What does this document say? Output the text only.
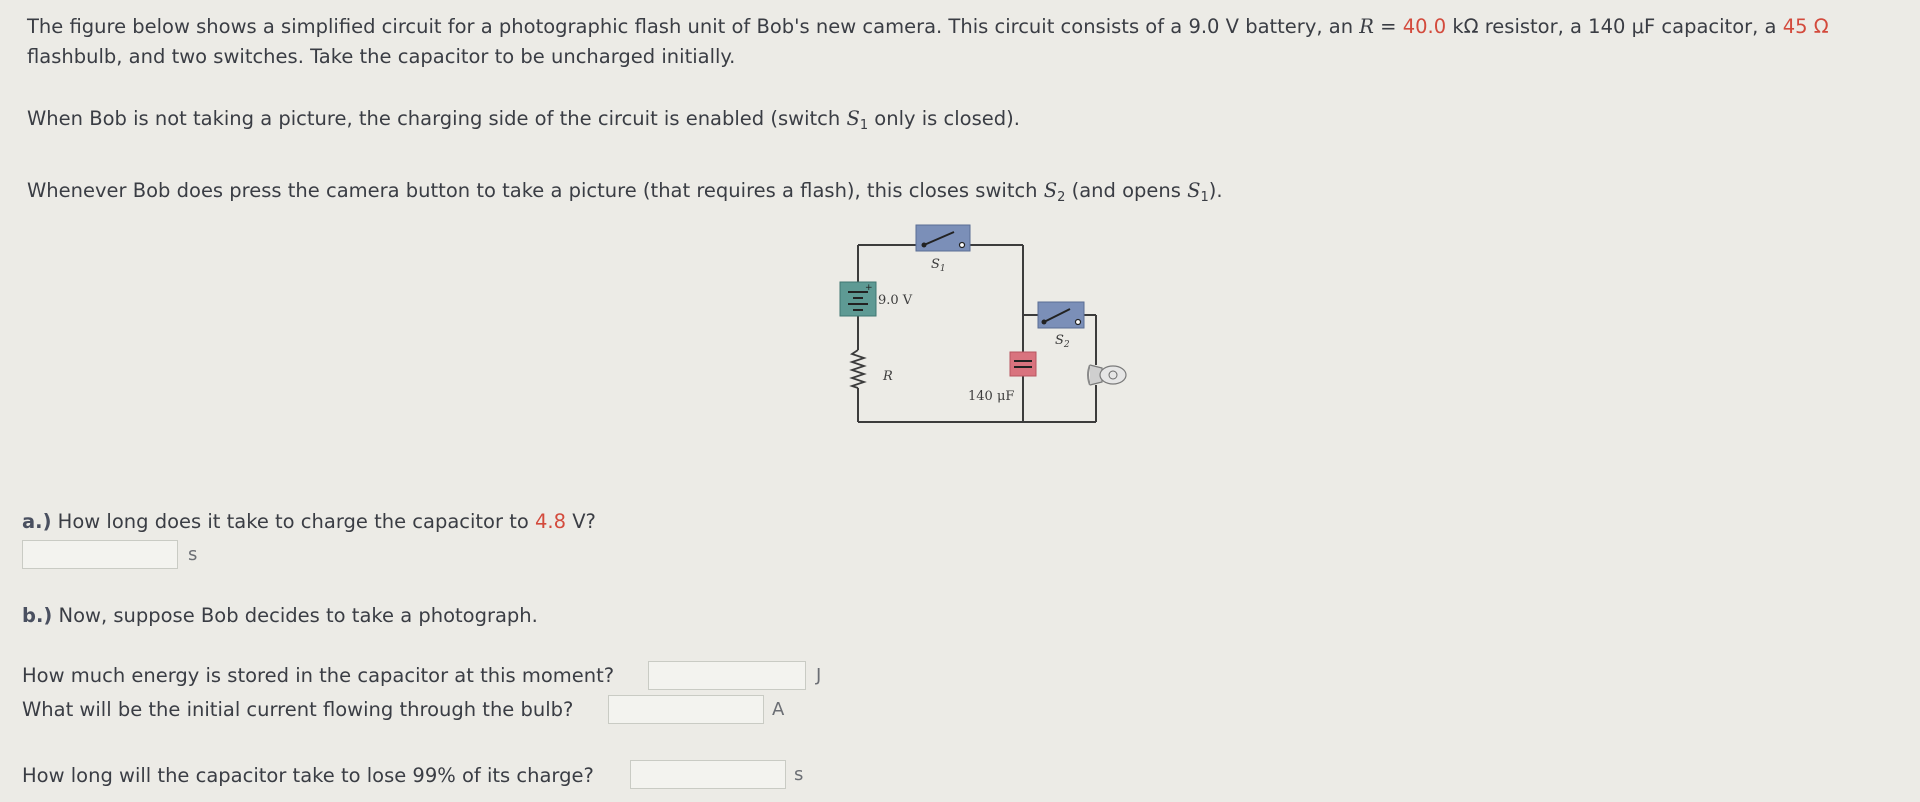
The figure below shows a simplified circuit for a photographic flash unit of Bob's new camera. This circuit consists of a 9.0 V battery, an R = 40.0 kΩ resistor, a 140 μF capacitor, a 45 Ω
flashbulb, and two switches. Take the capacitor to be uncharged initially.
When Bob is not taking a picture, the charging side of the circuit is enabled (switch $S_1$ only is closed).
Whenever Bob does press the camera button to take a picture (that requires a flash), this closes switch $S_2$ (and opens $S_1$).
$S_1$
+
9.0 V
R
140 μF
$S_2$
a.) How long does it take to charge the capacitor to 4.8 V?
s
b.) Now, suppose Bob decides to take a photograph.
How much energy is stored in the capacitor at this moment?	J
What will be the initial current flowing through the bulb?	A
How long will the capacitor take to lose 99% of its charge?	s
